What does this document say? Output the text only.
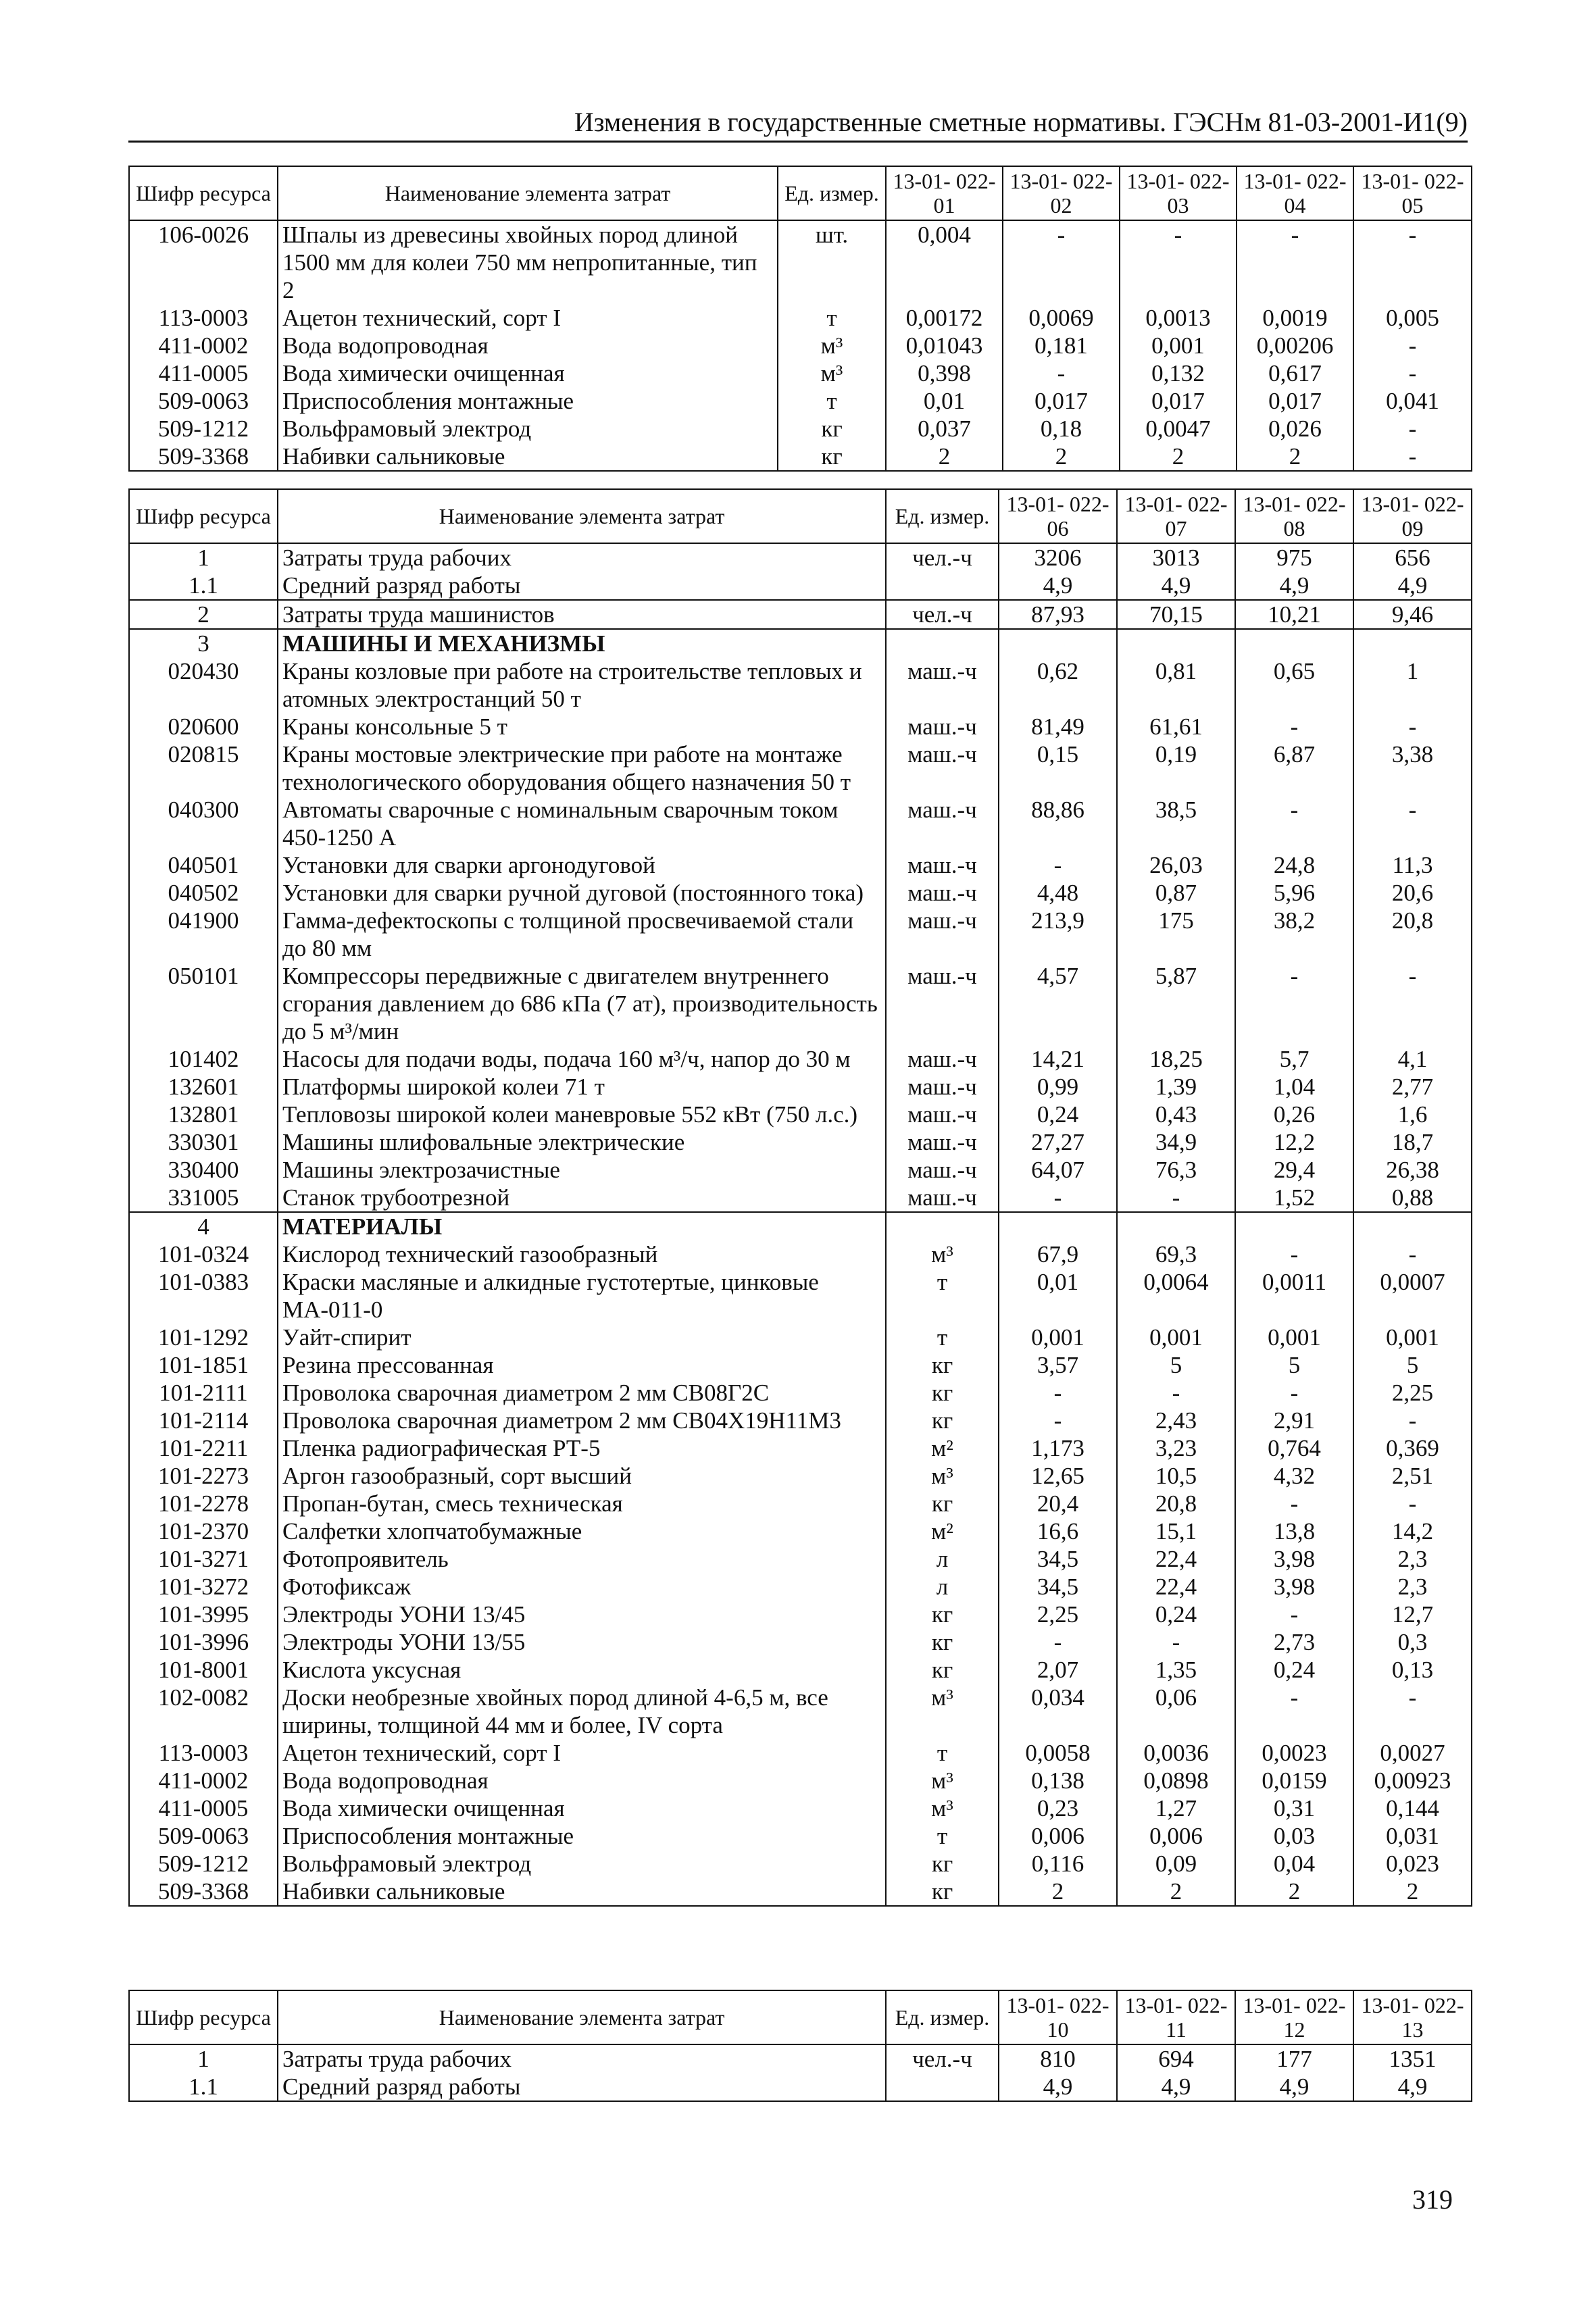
Изменения в государственные сметные нормативы. ГЭСНм 81-03-2001-И1(9)
Шифр ресурса	Наименование элемента затрат	Ед. измер.	13-01- 022-01	13-01- 022-02	13-01- 022-03	13-01- 022-04	13-01- 022-05
106-0026	Шпалы из древесины хвойных пород длиной 1500 мм для колеи 750 мм непропитанные, тип 2	шт.	0,004	-	-	-	-
113-0003	Ацетон технический, сорт I	т	0,00172	0,0069	0,0013	0,0019	0,005
411-0002	Вода водопроводная	м³	0,01043	0,181	0,001	0,00206	-
411-0005	Вода химически очищенная	м³	0,398	-	0,132	0,617	-
509-0063	Приспособления монтажные	т	0,01	0,017	0,017	0,017	0,041
509-1212	Вольфрамовый электрод	кг	0,037	0,18	0,0047	0,026	-
509-3368	Набивки сальниковые	кг	2	2	2	2	-
Шифр ресурса	Наименование элемента затрат	Ед. измер.	13-01- 022-06	13-01- 022-07	13-01- 022-08	13-01- 022-09
1	Затраты труда рабочих	чел.-ч	3206	3013	975	656
1.1	Средний разряд работы		4,9	4,9	4,9	4,9
2	Затраты труда машинистов	чел.-ч	87,93	70,15	10,21	9,46
3	МАШИНЫ И МЕХАНИЗМЫ					
020430	Краны козловые при работе на строительстве тепловых и атомных электростанций 50 т	маш.-ч	0,62	0,81	0,65	1
020600	Краны консольные 5 т	маш.-ч	81,49	61,61	-	-
020815	Краны мостовые электрические при работе на монтаже технологического оборудования общего назначения 50 т	маш.-ч	0,15	0,19	6,87	3,38
040300	Автоматы сварочные с номинальным сварочным током 450-1250 А	маш.-ч	88,86	38,5	-	-
040501	Установки для сварки аргонодуговой	маш.-ч	-	26,03	24,8	11,3
040502	Установки для сварки ручной дуговой (постоянного тока)	маш.-ч	4,48	0,87	5,96	20,6
041900	Гамма-дефектоскопы с толщиной просвечиваемой стали до 80 мм	маш.-ч	213,9	175	38,2	20,8
050101	Компрессоры передвижные с двигателем внутреннего сгорания давлением до 686 кПа (7 ат), производительность до 5 м³/мин	маш.-ч	4,57	5,87	-	-
101402	Насосы для подачи воды, подача 160 м³/ч, напор до 30 м	маш.-ч	14,21	18,25	5,7	4,1
132601	Платформы широкой колеи 71 т	маш.-ч	0,99	1,39	1,04	2,77
132801	Тепловозы широкой колеи маневровые 552 кВт (750 л.с.)	маш.-ч	0,24	0,43	0,26	1,6
330301	Машины шлифовальные электрические	маш.-ч	27,27	34,9	12,2	18,7
330400	Машины электрозачистные	маш.-ч	64,07	76,3	29,4	26,38
331005	Станок трубоотрезной	маш.-ч	-	-	1,52	0,88
4	МАТЕРИАЛЫ					
101-0324	Кислород технический газообразный	м³	67,9	69,3	-	-
101-0383	Краски масляные и алкидные густотертые, цинковые МА-011-0	т	0,01	0,0064	0,0011	0,0007
101-1292	Уайт-спирит	т	0,001	0,001	0,001	0,001
101-1851	Резина прессованная	кг	3,57	5	5	5
101-2111	Проволока сварочная диаметром 2 мм СВ08Г2С	кг	-	-	-	2,25
101-2114	Проволока сварочная диаметром 2 мм СВ04Х19Н11М3	кг	-	2,43	2,91	-
101-2211	Пленка радиографическая РТ-5	м²	1,173	3,23	0,764	0,369
101-2273	Аргон газообразный, сорт высший	м³	12,65	10,5	4,32	2,51
101-2278	Пропан-бутан, смесь техническая	кг	20,4	20,8	-	-
101-2370	Салфетки хлопчатобумажные	м²	16,6	15,1	13,8	14,2
101-3271	Фотопроявитель	л	34,5	22,4	3,98	2,3
101-3272	Фотофиксаж	л	34,5	22,4	3,98	2,3
101-3995	Электроды УОНИ 13/45	кг	2,25	0,24	-	12,7
101-3996	Электроды УОНИ 13/55	кг	-	-	2,73	0,3
101-8001	Кислота уксусная	кг	2,07	1,35	0,24	0,13
102-0082	Доски необрезные хвойных пород длиной 4-6,5 м, все ширины, толщиной 44 мм и более, IV сорта	м³	0,034	0,06	-	-
113-0003	Ацетон технический, сорт I	т	0,0058	0,0036	0,0023	0,0027
411-0002	Вода водопроводная	м³	0,138	0,0898	0,0159	0,00923
411-0005	Вода химически очищенная	м³	0,23	1,27	0,31	0,144
509-0063	Приспособления монтажные	т	0,006	0,006	0,03	0,031
509-1212	Вольфрамовый электрод	кг	0,116	0,09	0,04	0,023
509-3368	Набивки сальниковые	кг	2	2	2	2
Шифр ресурса	Наименование элемента затрат	Ед. измер.	13-01- 022-10	13-01- 022-11	13-01- 022-12	13-01- 022-13
1	Затраты труда рабочих	чел.-ч	810	694	177	1351
1.1	Средний разряд работы		4,9	4,9	4,9	4,9
319
